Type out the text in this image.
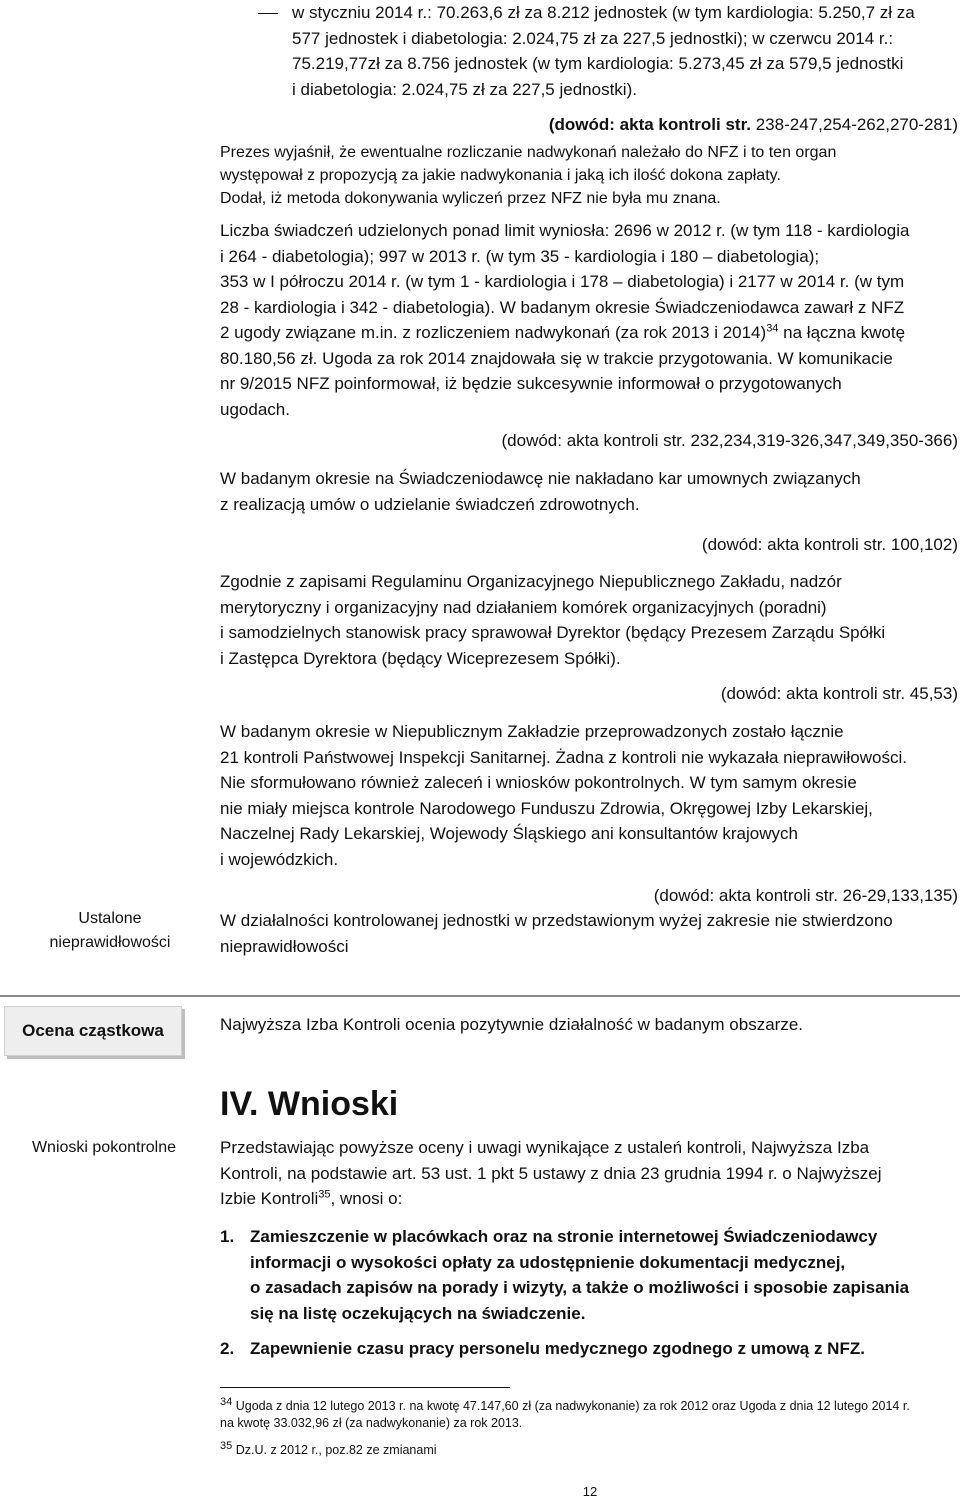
w styczniu 2014 r.: 70.263,6 zł za 8.212 jednostek (w tym kardiologia: 5.250,7 zł za
577 jednostek i diabetologia: 2.024,75 zł za 227,5 jednostki); w czerwcu 2014 r.:
75.219,77zł za 8.756 jednostek (w tym kardiologia: 5.273,45 zł za 579,5 jednostki
i diabetologia: 2.024,75 zł za 227,5 jednostki).
(dowód: akta kontroli str. 238-247,254-262,270-281)
Prezes wyjaśnił, że ewentualne rozliczanie nadwykonań należało do NFZ i to ten organ
występował z propozycją za jakie nadwykonania i jaką ich ilość dokona zapłaty.
Dodał, iż metoda dokonywania wyliczeń przez NFZ nie była mu znana.
Liczba świadczeń udzielonych ponad limit wyniosła: 2696 w 2012 r. (w tym 118 - kardiologia
i 264 - diabetologia); 997 w 2013 r. (w tym 35 - kardiologia i 180 – diabetologia);
353 w I półroczu 2014 r. (w tym 1 - kardiologia i 178 – diabetologia) i 2177 w 2014 r. (w tym
28 - kardiologia i 342 - diabetologia). W badanym okresie Świadczeniodawca zawarł z NFZ
2 ugody związane m.in. z rozliczeniem nadwykonań (za rok 2013 i 2014)$^{34}$ na łączna kwotę
80.180,56 zł. Ugoda za rok 2014 znajdowała się w trakcie przygotowania. W komunikacie
nr 9/2015 NFZ poinformował, iż będzie sukcesywnie informował o przygotowanych
ugodach.
(dowód: akta kontroli str. 232,234,319-326,347,349,350-366)
W badanym okresie na Świadczeniodawcę nie nakładano kar umownych związanych
z realizacją umów o udzielanie świadczeń zdrowotnych.
(dowód: akta kontroli str. 100,102)
Zgodnie z zapisami Regulaminu Organizacyjnego Niepublicznego Zakładu, nadzór
merytoryczny i organizacyjny nad działaniem komórek organizacyjnych (poradni)
i samodzielnych stanowisk pracy sprawował Dyrektor (będący Prezesem Zarządu Spółki
i Zastępca Dyrektora (będący Wiceprezesem Spółki).
(dowód: akta kontroli str. 45,53)
W badanym okresie w Niepublicznym Zakładzie przeprowadzonych zostało łącznie
21 kontroli Państwowej Inspekcji Sanitarnej. Żadna z kontroli nie wykazała nieprawiłowości.
Nie sformułowano również zaleceń i wniosków pokontrolnych. W tym samym okresie
nie miały miejsca kontrole Narodowego Funduszu Zdrowia, Okręgowej Izby Lekarskiej,
Naczelnej Rady Lekarskiej, Wojewody Śląskiego ani konsultantów krajowych
i wojewódzkich.
(dowód: akta kontroli str. 26-29,133,135)
Ustalone
nieprawidłowości
W działalności kontrolowanej jednostki w przedstawionym wyżej zakresie nie stwierdzono
nieprawidłowości
Ocena cząstkowa	Najwyższa Izba Kontroli ocenia pozytywnie działalność w badanym obszarze.
IV. Wnioski
Wnioski pokontrolne	Przedstawiając powyższe oceny i uwagi wynikające z ustaleń kontroli, Najwyższa Izba
Kontroli, na podstawie art. 53 ust. 1 pkt 5 ustawy z dnia 23 grudnia 1994 r. o Najwyższej
Izbie Kontroli$^{35}$, wnosi o:
1. Zamieszczenie w placówkach oraz na stronie internetowej Świadczeniodawcy
informacji o wysokości opłaty za udostępnienie dokumentacji medycznej,
o zasadach zapisów na porady i wizyty, a także o możliwości i sposobie zapisania
się na listę oczekujących na świadczenie.
2. Zapewnienie czasu pracy personelu medycznego zgodnego z umową z NFZ.
$^{34}$ Ugoda z dnia 12 lutego 2013 r. na kwotę 47.147,60 zł (za nadwykonanie) za rok 2012 oraz Ugoda z dnia 12 lutego 2014 r.
na kwotę 33.032,96 zł (za nadwykonanie) za rok 2013.
$^{35}$ Dz.U. z 2012 r., poz.82 ze zmianami
12
